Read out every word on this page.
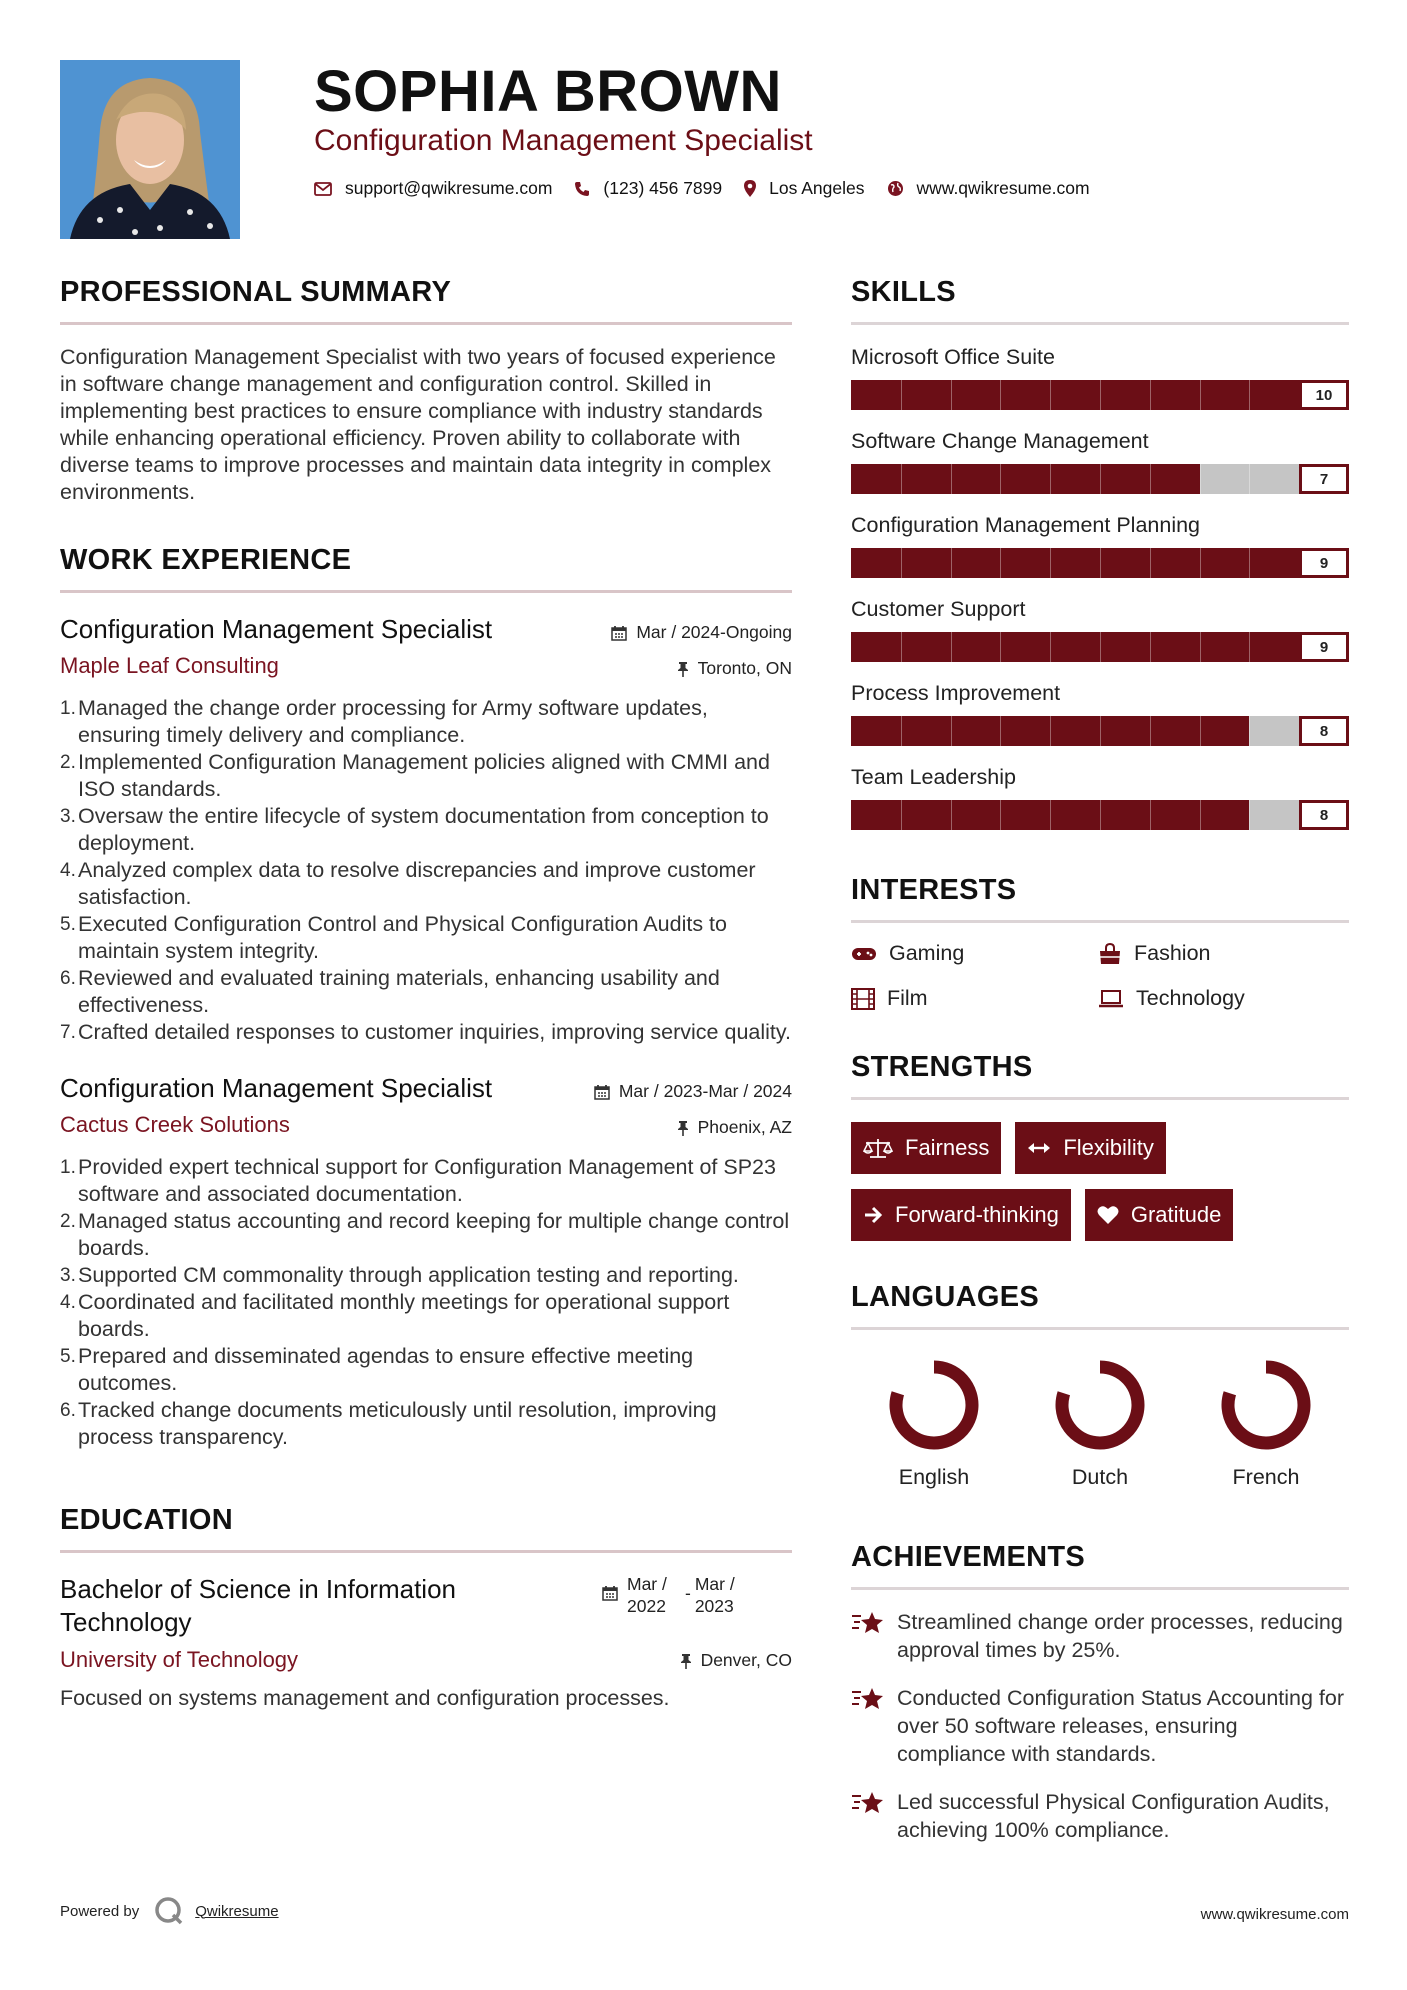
SOPHIA BROWN
Configuration Management Specialist
support@qwikresume.com	(123) 456 7899	Los Angeles	www.qwikresume.com
PROFESSIONAL SUMMARY

Configuration Management Specialist with two years of focused experience in software change management and configuration control. Skilled in implementing best practices to ensure compliance with industry standards while enhancing operational efficiency. Proven ability to collaborate with diverse teams to improve processes and maintain data integrity in complex environments.

WORK EXPERIENCE
Configuration Management Specialist	Mar / 2024-Ongoing
Maple Leaf Consulting	Toronto, ON
Managed the change order processing for Army software updates, ensuring timely delivery and compliance.
Implemented Configuration Management policies aligned with CMMI and ISO standards.
Oversaw the entire lifecycle of system documentation from conception to deployment.
Analyzed complex data to resolve discrepancies and improve customer satisfaction.
Executed Configuration Control and Physical Configuration Audits to maintain system integrity.
Reviewed and evaluated training materials, enhancing usability and effectiveness.
Crafted detailed responses to customer inquiries, improving service quality.
Configuration Management Specialist	Mar / 2023-Mar / 2024
Cactus Creek Solutions	Phoenix, AZ
Provided expert technical support for Configuration Management of SP23 software and associated documentation.
Managed status accounting and record keeping for multiple change control boards.
Supported CM commonality through application testing and reporting.
Coordinated and facilitated monthly meetings for operational support boards.
Prepared and disseminated agendas to ensure effective meeting outcomes.
Tracked change documents meticulously until resolution, improving process transparency.
EDUCATION
Bachelor of Science in Information Technology
Mar / 2022
- Mar / 2023
University of Technology	Denver, CO

Focused on systems management and configuration processes.

SKILLS
Microsoft Office Suite
10
Software Change Management
7
Configuration Management Planning
9
Customer Support
9
Process Improvement
8
Team Leadership
8
INTERESTS
Gaming	Fashion
Film	Technology
STRENGTHS
Fairness	Flexibility
Forward-thinking	Gratitude
LANGUAGES
English	Dutch	French
ACHIEVEMENTS
Streamlined change order processes, reducing approval times by 25%.
Conducted Configuration Status Accounting for over 50 software releases, ensuring compliance with standards.
Led successful Physical Configuration Audits, achieving 100% compliance.
Powered by	Qwikresume	www.qwikresume.com
